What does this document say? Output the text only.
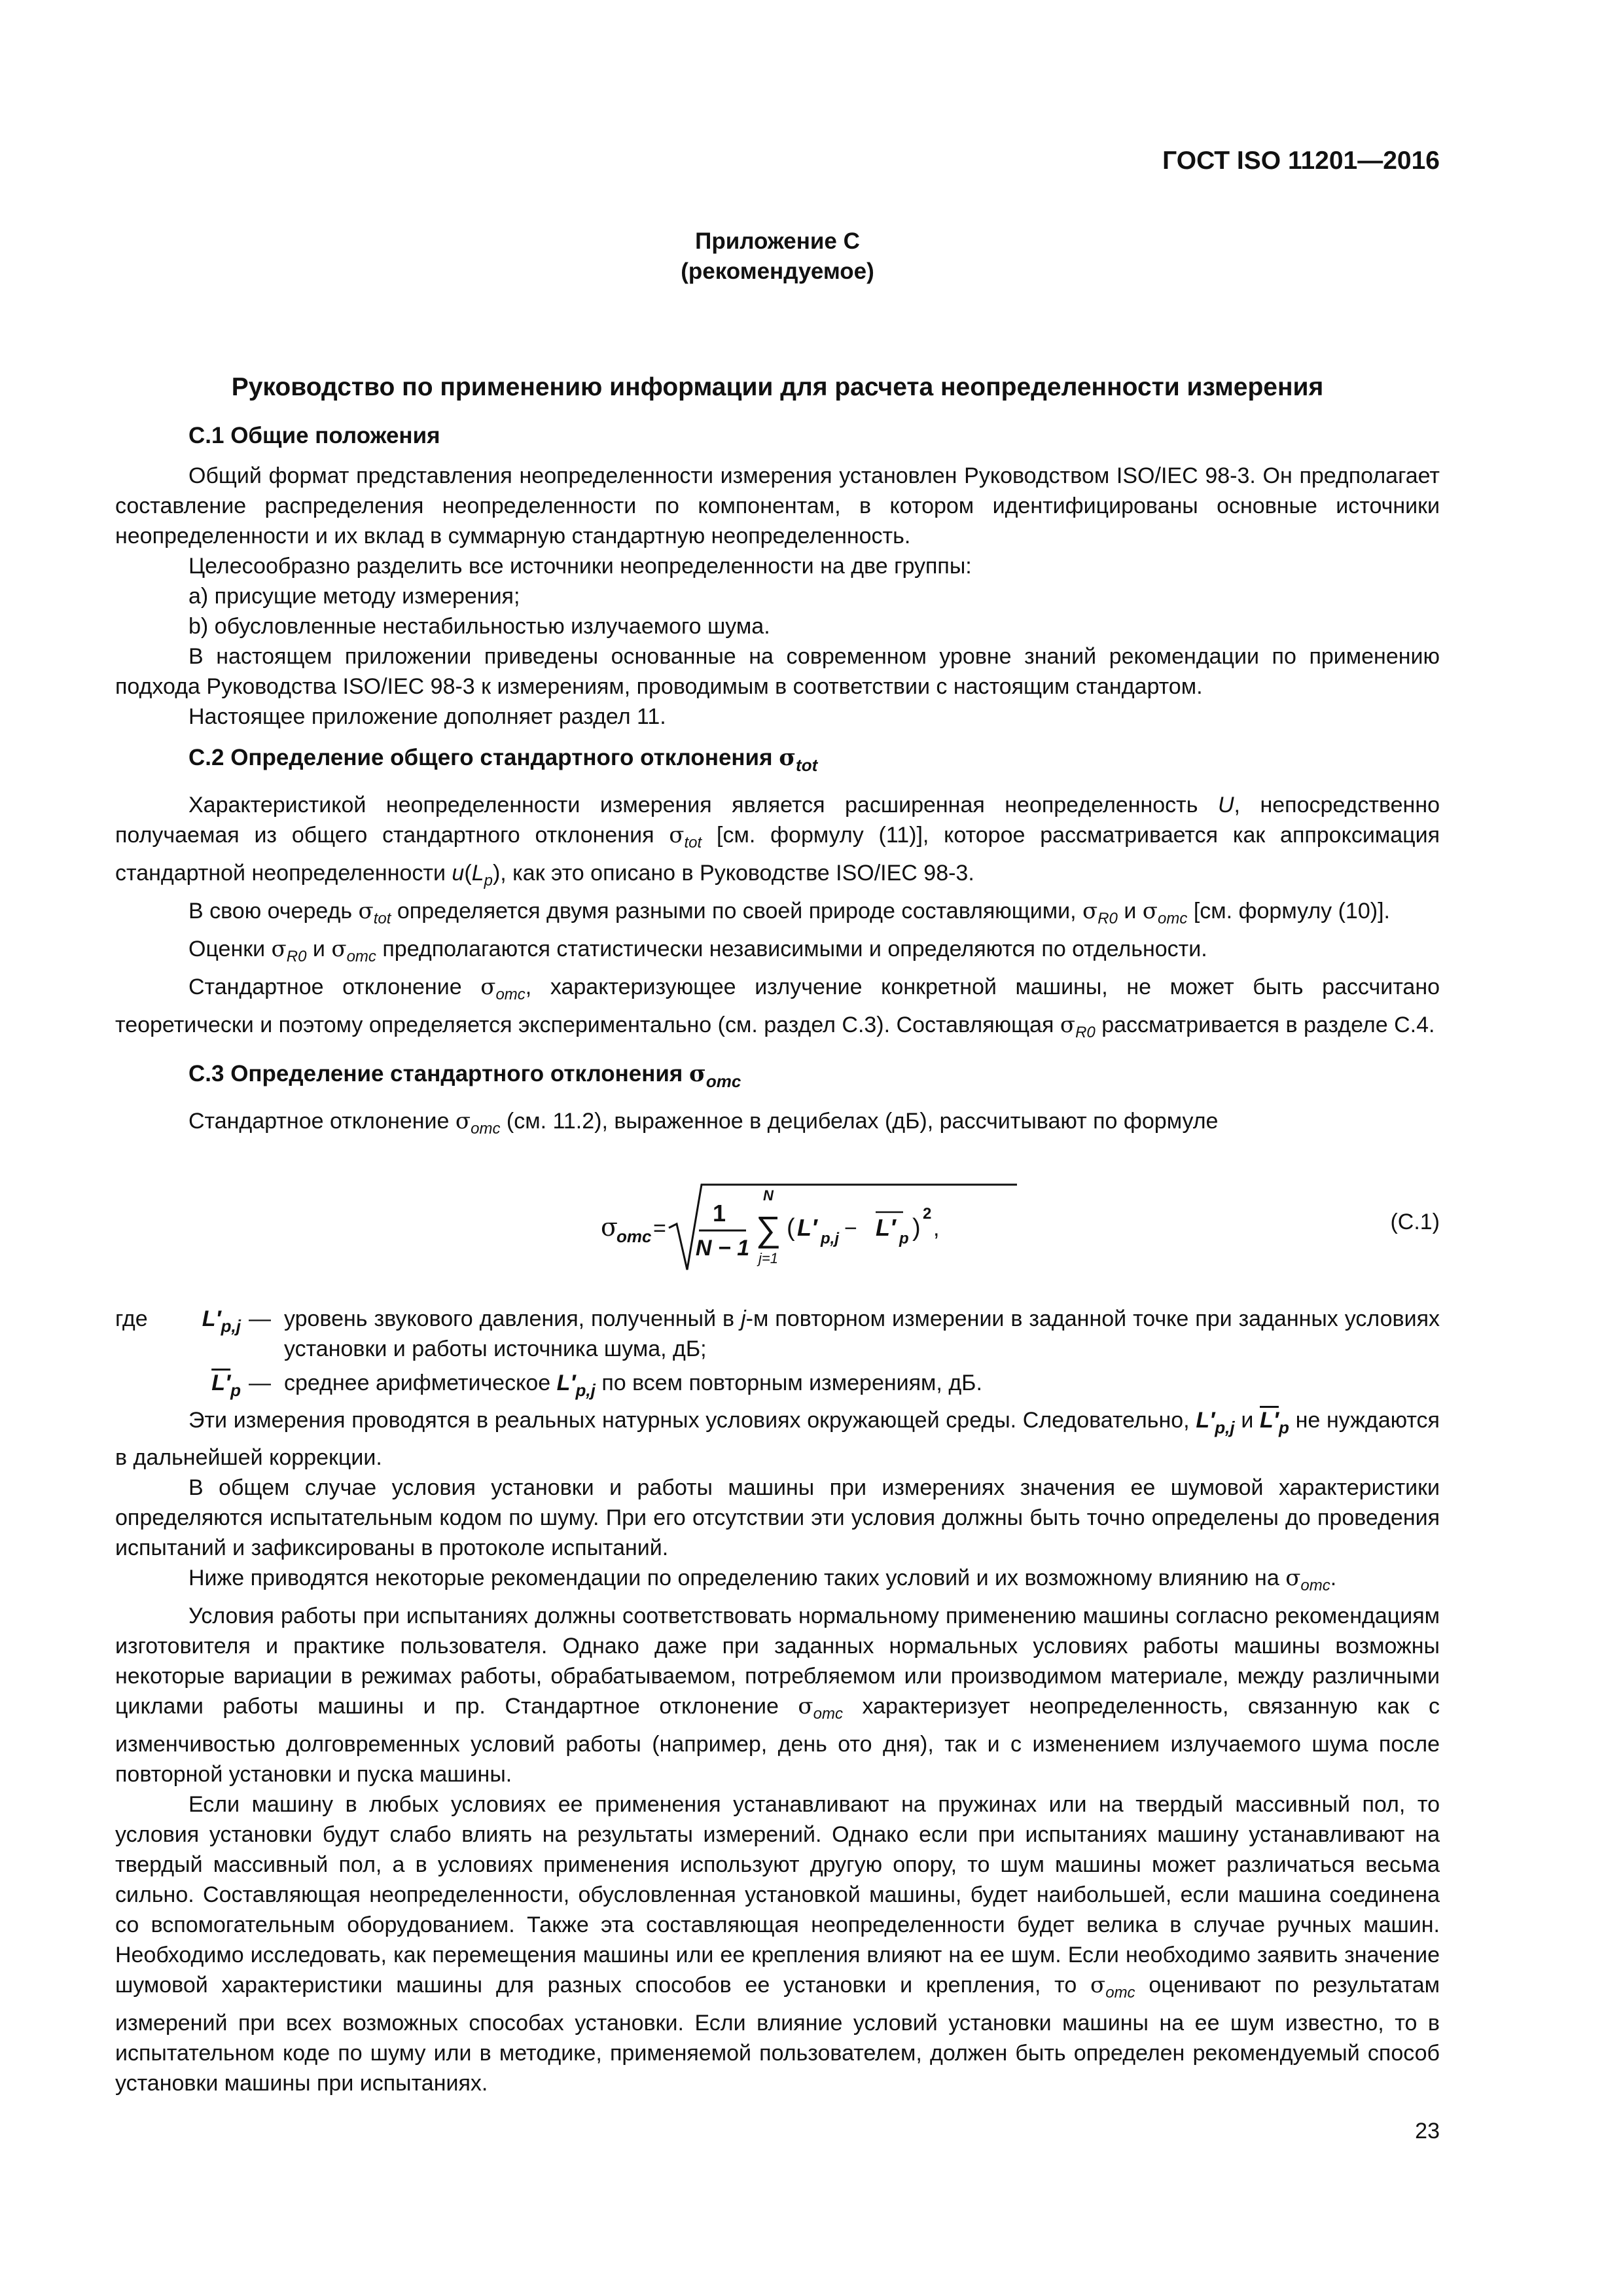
ГОСТ ISO 11201—2016
Приложение С
(рекомендуемое)
Руководство по применению информации для расчета неопределенности измерения
С.1 Общие положения

Общий формат представления неопределенности измерения установлен Руководством ISO/IEC 98-3. Он предполагает составление распределения неопределенности по компонентам, в котором идентифицированы основные источники неопределенности и их вклад в суммарную стандартную неопределенность.

Целесообразно разделить все источники неопределенности на две группы:

а) присущие методу измерения;

b) обусловленные нестабильностью излучаемого шума.

В настоящем приложении приведены основанные на современном уровне знаний рекомендации по применению подхода Руководства ISO/IEC 98-3 к измерениям, проводимым в соответствии с настоящим стандартом.

Настоящее приложение дополняет раздел 11.

С.2 Определение общего стандартного отклонения $\sigma_{tot}$

Характеристикой неопределенности измерения является расширенная неопределенность U, непосредственно получаемая из общего стандартного отклонения $\sigma_{tot}$ [см. формулу (11)], которое рассматривается как аппроксимация стандартной неопределенности $u(L_p)$, как это описано в Руководстве ISO/IEC 98-3.

В свою очередь $\sigma_{tot}$ определяется двумя разными по своей природе составляющими, $\sigma_{R0}$ и $\sigma_{omc}$ [см. формулу (10)].

Оценки $\sigma_{R0}$ и $\sigma_{omc}$ предполагаются статистически независимыми и определяются по отдельности.

Стандартное отклонение $\sigma_{omc}$, характеризующее излучение конкретной машины, не может быть рассчитано теоретически и поэтому определяется экспериментально (см. раздел С.3). Составляющая $\sigma_{R0}$ рассматривается в разделе С.4.

С.3 Определение стандартного отклонения $\sigma_{omc}$

Стандартное отклонение $\sigma_{omc}$ (см. 11.2), выраженное в децибелах (дБ), рассчитывают по формуле

σ
omc =
1
N − 1
N
∑
j=1
( L′ p,j − L′ p )
2
,	(С.1)
где	$L'_{p,j}$ — уровень звукового давления, полученный в j-м повторном измерении в заданной точке при заданных условиях установки и работы источника шума, дБ;
$L'_p$ — среднее арифметическое $L'_{p,j}$ по всем повторным измерениям, дБ.

Эти измерения проводятся в реальных натурных условиях окружающей среды. Следовательно, $L'_{p,j}$ и $L'_p$ не нуждаются в дальнейшей коррекции.

В общем случае условия установки и работы машины при измерениях значения ее шумовой характеристики определяются испытательным кодом по шуму. При его отсутствии эти условия должны быть точно определены до проведения испытаний и зафиксированы в протоколе испытаний.

Ниже приводятся некоторые рекомендации по определению таких условий и их возможному влиянию на $\sigma_{omc}$.

Условия работы при испытаниях должны соответствовать нормальному применению машины согласно рекомендациям изготовителя и практике пользователя. Однако даже при заданных нормальных условиях работы машины возможны некоторые вариации в режимах работы, обрабатываемом, потребляемом или производимом материале, между различными циклами работы машины и пр. Стандартное отклонение $\sigma_{omc}$ характеризует неопределенность, связанную как с изменчивостью долговременных условий работы (например, день ото дня), так и с изменением излучаемого шума после повторной установки и пуска машины.

Если машину в любых условиях ее применения устанавливают на пружинах или на твердый массивный пол, то условия установки будут слабо влиять на результаты измерений. Однако если при испытаниях машину устанавливают на твердый массивный пол, а в условиях применения используют другую опору, то шум машины может различаться весьма сильно. Составляющая неопределенности, обусловленная установкой машины, будет наибольшей, если машина соединена со вспомогательным оборудованием. Также эта составляющая неопределенности будет велика в случае ручных машин. Необходимо исследовать, как перемещения машины или ее крепления влияют на ее шум. Если необходимо заявить значение шумовой характеристики машины для разных способов ее установки и крепления, то $\sigma_{omc}$ оценивают по результатам измерений при всех возможных способах установки. Если влияние условий установки машины на ее шум известно, то в испытательном коде по шуму или в методике, применяемой пользователем, должен быть определен рекомендуемый способ установки машины при испытаниях.

23
